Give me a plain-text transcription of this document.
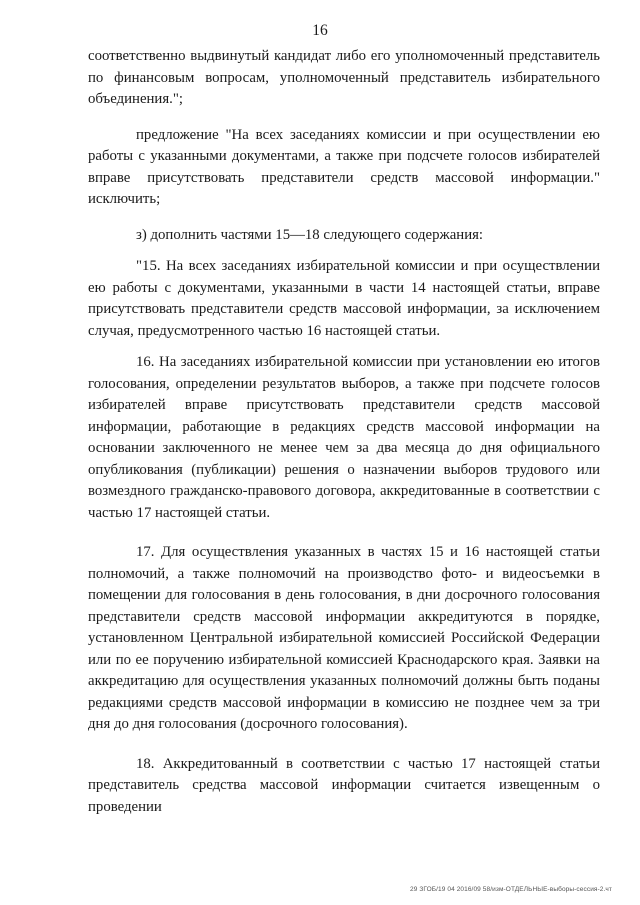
16

соответственно выдвинутый кандидат либо его уполномоченный представитель по финансовым вопросам, уполномоченный представитель избирательного объединения.";

предложение "На всех заседаниях комиссии и при осуществлении ею работы с указанными документами, а также при подсчете голосов избирателей вправе присутствовать представители средств массовой информации." исключить;

з) дополнить частями 15—18 следующего содержания:

"15. На всех заседаниях избирательной комиссии и при осуществлении ею работы с документами, указанными в части 14 настоящей статьи, вправе присутствовать представители средств массовой информации, за исключением случая, предусмотренного частью 16 настоящей статьи.

16. На заседаниях избирательной комиссии при установлении ею итогов голосования, определении результатов выборов, а также при подсчете голосов избирателей вправе присутствовать представители средств массовой информации, работающие в редакциях средств массовой информации на основании заключенного не менее чем за два месяца до дня официального опубликования (публикации) решения о назначении выборов трудового или возмездного гражданско-правового договора, аккредитованные в соответствии с частью 17 настоящей статьи.

17. Для осуществления указанных в частях 15 и 16 настоящей статьи полномочий, а также полномочий на производство фото- и видеосъемки в помещении для голосования в день голосования, в дни досрочного голосования представители средств массовой информации аккредитуются в порядке, установленном Центральной избирательной комиссией Российской Федерации или по ее поручению избирательной комиссией Краснодарского края. Заявки на аккредитацию для осуществления указанных полномочий должны быть поданы редакциями средств массовой информации в комиссию не позднее чем за три дня до дня голосования (досрочного голосования).

18. Аккредитованный в соответствии с частью 17 настоящей статьи представитель средства массовой информации считается извещенным о проведении

29 ЗГОБ/19 04 2016/09 58/изм-ОТДЕЛЬНЫЕ-выборы-сессия-2.чт
